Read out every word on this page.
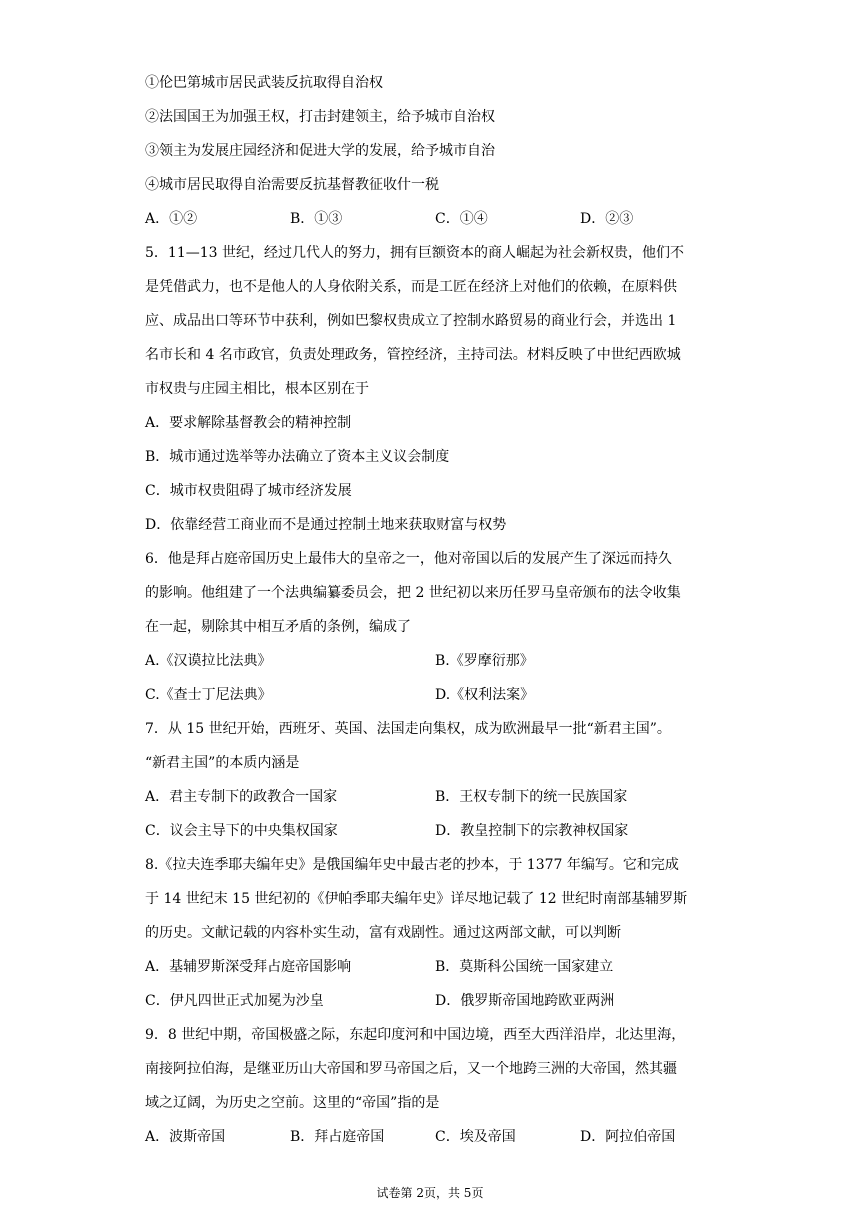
①伦巴第城市居民武装反抗取得自治权
②法国国王为加强王权，打击封建领主，给予城市自治权
③领主为发展庄园经济和促进大学的发展，给予城市自治
④城市居民取得自治需要反抗基督教征收什一税
A．①②	B．①③	C．①④	D．②③
5．11—13 世纪，经过几代人的努力，拥有巨额资本的商人崛起为社会新权贵，他们不
是凭借武力，也不是他人的人身依附关系，而是工匠在经济上对他们的依赖，在原料供
应、成品出口等环节中获利，例如巴黎权贵成立了控制水路贸易的商业行会，并选出 1
名市长和 4 名市政官，负责处理政务，管控经济，主持司法。材料反映了中世纪西欧城
市权贵与庄园主相比，根本区别在于
A．要求解除基督教会的精神控制
B．城市通过选举等办法确立了资本主义议会制度
C．城市权贵阻碍了城市经济发展
D．依靠经营工商业而不是通过控制土地来获取财富与权势
6．他是拜占庭帝国历史上最伟大的皇帝之一，他对帝国以后的发展产生了深远而持久
的影响。他组建了一个法典编纂委员会，把 2 世纪初以来历任罗马皇帝颁布的法令收集
在一起，剔除其中相互矛盾的条例，编成了
A.《汉谟拉比法典》	B.《罗摩衍那》
C.《查士丁尼法典》	D.《权利法案》
7．从 15 世纪开始，西班牙、英国、法国走向集权，成为欧洲最早一批“新君主国”。
“新君主国”的本质内涵是
A．君主专制下的政教合一国家	B．王权专制下的统一民族国家
C．议会主导下的中央集权国家	D．教皇控制下的宗教神权国家
8.《拉夫连季耶夫编年史》是俄国编年史中最古老的抄本，于 1377 年编写。它和完成
于 14 世纪末 15 世纪初的《伊帕季耶夫编年史》详尽地记载了 12 世纪时南部基辅罗斯
的历史。文献记载的内容朴实生动，富有戏剧性。通过这两部文献，可以判断
A．基辅罗斯深受拜占庭帝国影响	B．莫斯科公国统一国家建立
C．伊凡四世正式加冕为沙皇	D．俄罗斯帝国地跨欧亚两洲
9．8 世纪中期，帝国极盛之际，东起印度河和中国边境，西至大西洋沿岸，北达里海，
南接阿拉伯海，是继亚历山大帝国和罗马帝国之后，又一个地跨三洲的大帝国，然其疆
域之辽阔，为历史之空前。这里的“帝国”指的是
A．波斯帝国	B．拜占庭帝国	C．埃及帝国	D．阿拉伯帝国
试卷第 2页，共 5页
